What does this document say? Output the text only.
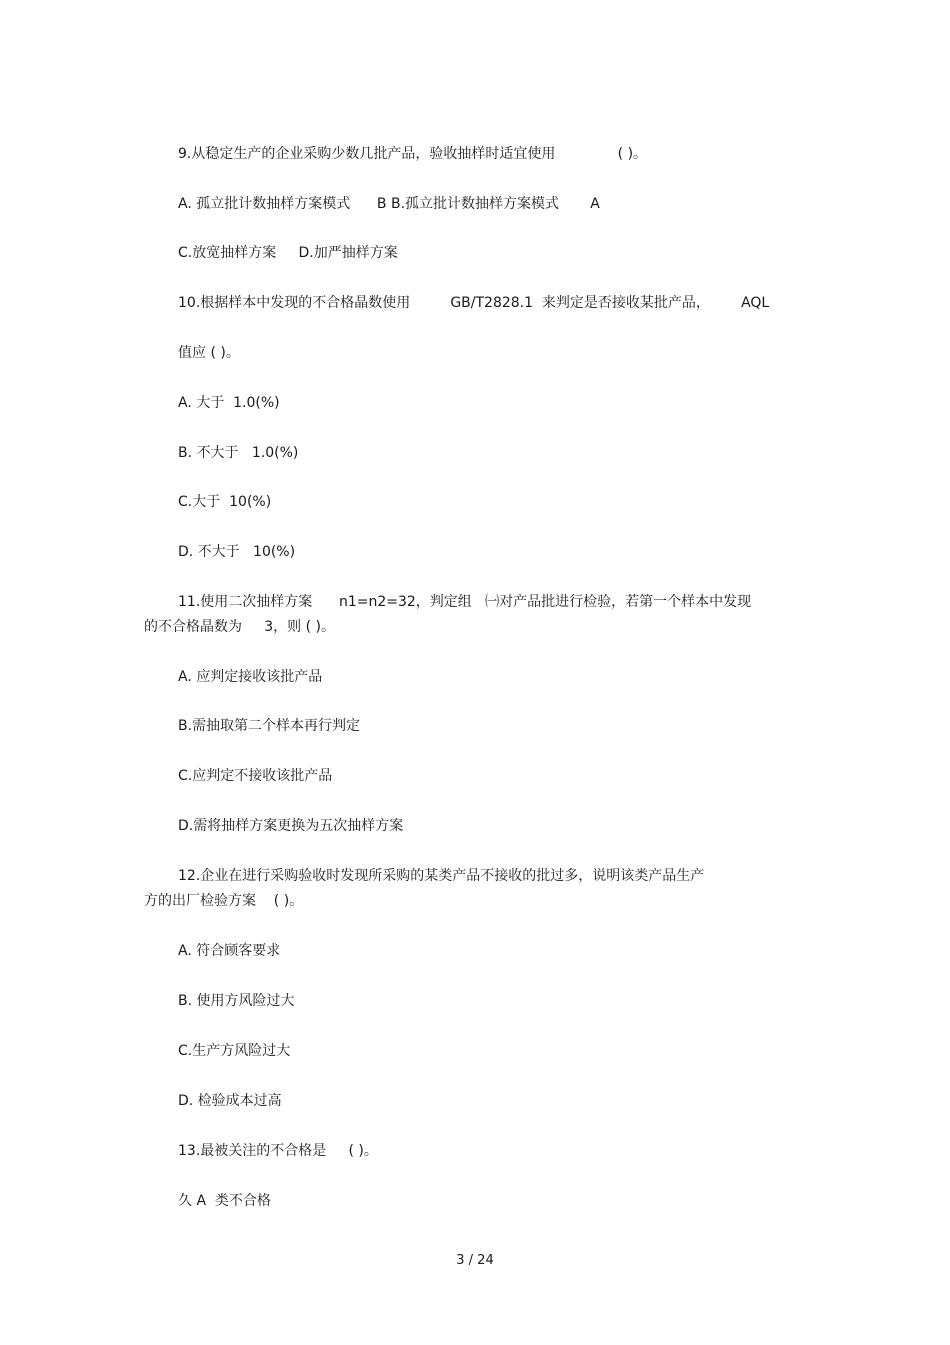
9.从稳定生产的企业采购少数几批产品，验收抽样时适宜使用              ( )。
A. 孤立批计数抽样方案模式      B B.孤立批计数抽样方案模式       A
C.放宽抽样方案     D.加严抽样方案
10.根据样本中发现的不合格晶数使用         GB/T2828.1  来判定是否接收某批产品，       AQL
值应 ( )。
A. 大于  1.0(%)
B. 不大于   1.0(%)
C.大于  10(%)
D. 不大于   10(%)
11.使用二次抽样方案      n1=n2=32，判定组   ㈠对产品批进行检验，若第一个样本中发现
的不合格晶数为     3，则 ( )。
A. 应判定接收该批产品
B.需抽取第二个样本再行判定
C.应判定不接收该批产品
D.需将抽样方案更换为五次抽样方案
12.企业在进行采购验收时发现所采购的某类产品不接收的批过多，说明该类产品生产
方的出厂检验方案    ( )。
A. 符合顾客要求
B. 使用方风险过大
C.生产方风险过大
D. 检验成本过高
13.最被关注的不合格是     ( )。
久 A  类不合格
3 / 24
